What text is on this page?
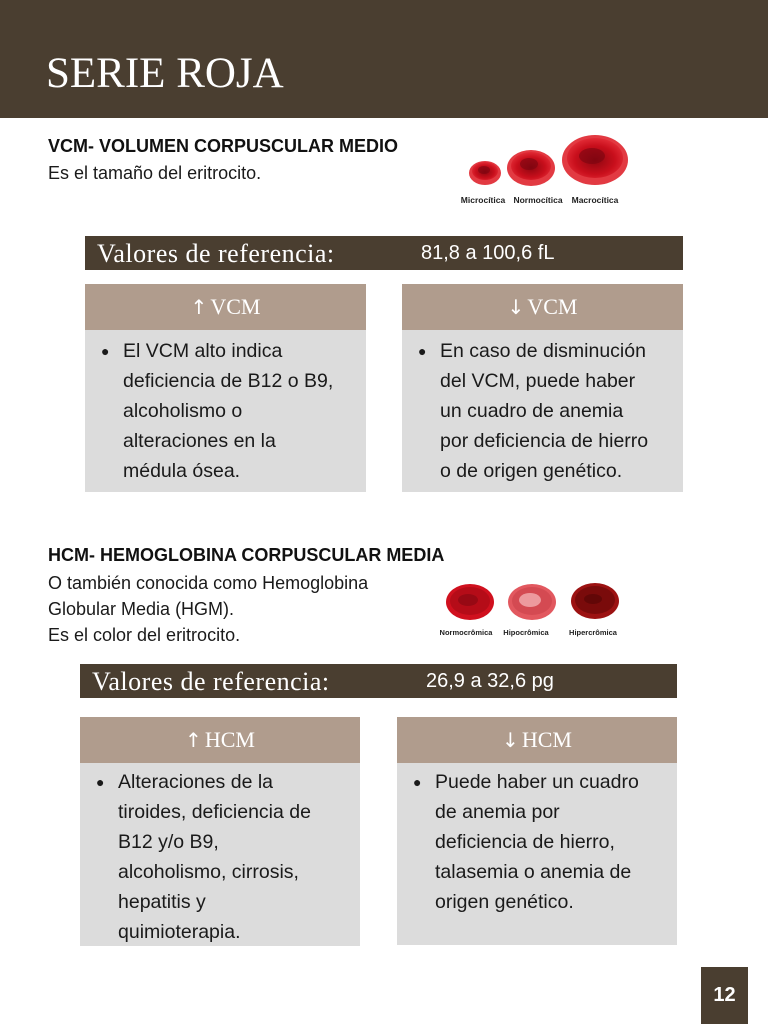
SERIE ROJA
VCM- VOLUMEN CORPUSCULAR MEDIO

Es el tamaño del eritrocito.

Microcítica Normocítica Macrocítica

Valores de referencia:	81,8 a 100,6 fL

↑ VCM
● El VCM alto indica
deficiencia de B12 o B9,
alcoholismo o
alteraciones en la
médula ósea.
↓ VCM
● En caso de disminución
del VCM, puede haber
un cuadro de anemia
por deficiencia de hierro
o de origen genético.
HCM- HEMOGLOBINA CORPUSCULAR MEDIA

O también conocida como Hemoglobina
Globular Media (HGM).
Es el color del eritrocito.	Normocrômica Hipocrômica	Hipercrômica

Valores de referencia:	26,9 a 32,6 pg

↑ HCM
● Alteraciones de la
tiroides, deficiencia de
B12 y/o B9,
alcoholismo, cirrosis,
hepatitis y
quimioterapia.
↓ HCM
● Puede haber un cuadro
de anemia por
deficiencia de hierro,
talasemia o anemia de
origen genético.
12
